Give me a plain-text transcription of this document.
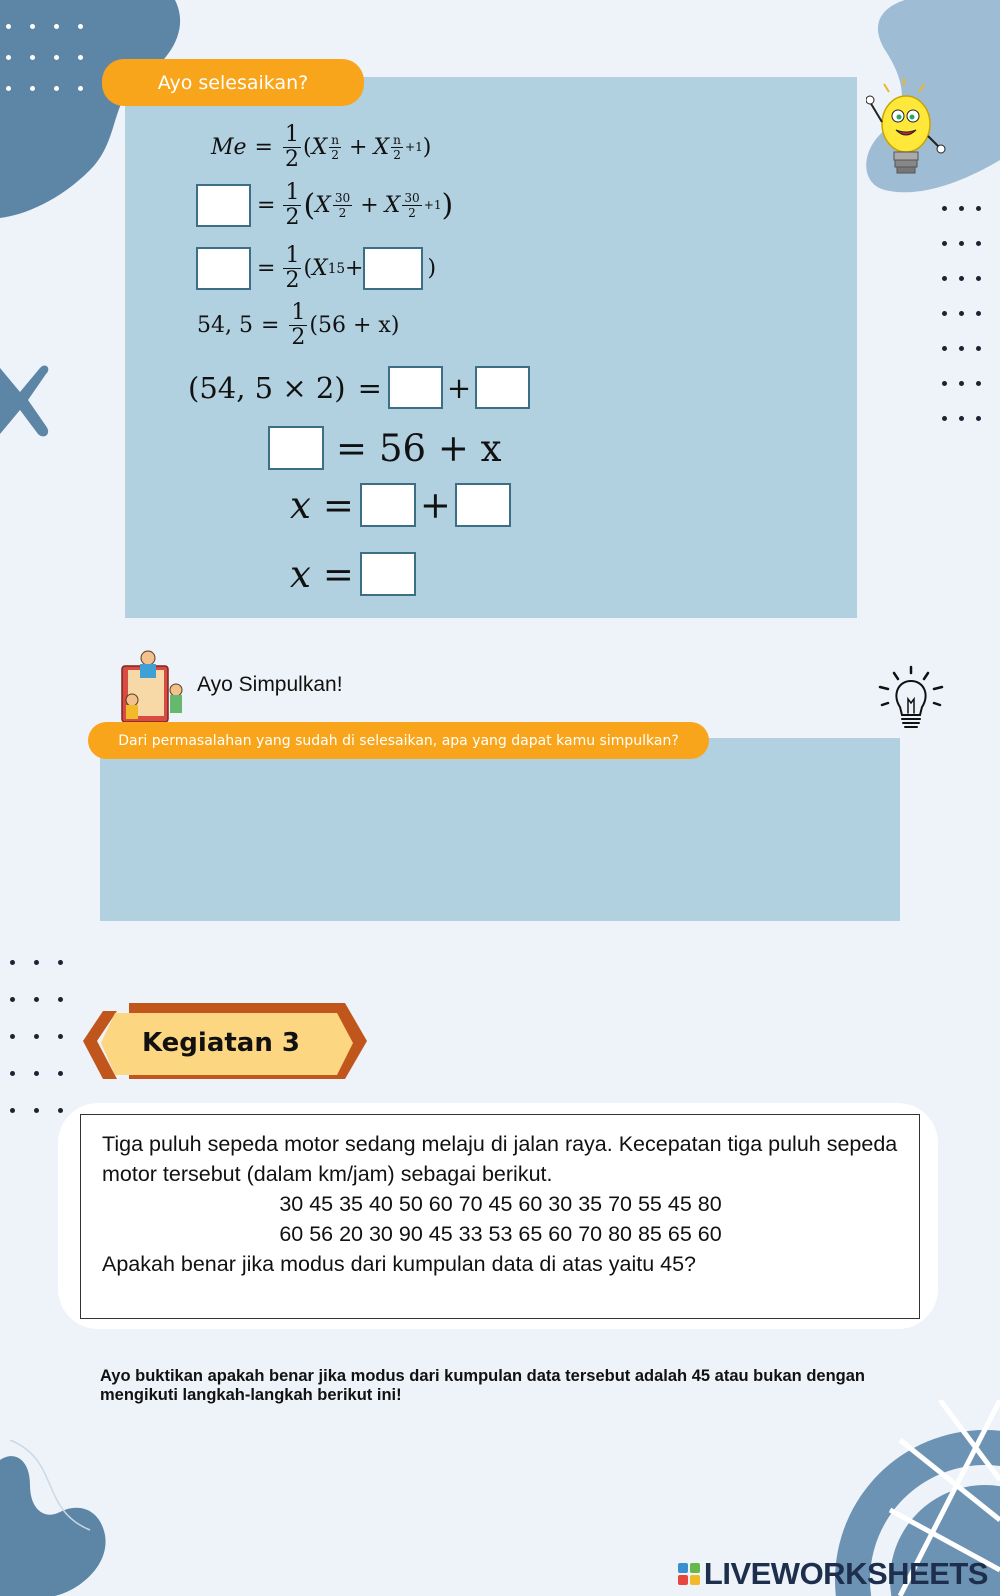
Ayo selesaikan?
$Me = \frac{1}{2}$ ( X $\frac{n}{2} + X \frac{n}{2} +1$ )
= $\frac{1}{2}$ ( X $\frac{30}{2} + X \frac{30}{2} +1$ )
= $\frac{1}{2}$ ( X 15 +	)
54, $5 = \frac{1}{2} (56 + x)$
(54, 5 × 2) = +
= 56 + x
x = +
x =
Ayo Simpulkan!
Dari permasalahan yang sudah di selesaikan, apa yang dapat kamu simpulkan?
Kegiatan 3
Tiga puluh sepeda motor sedang melaju di jalan raya. Kecepatan tiga puluh sepeda motor tersebut (dalam km/jam) sebagai berikut.
30 45 35 40 50 60 70 45 60 30 35 70 55 45 80
60 56 20 30 90 45 33 53 65 60 70 80 85 65 60
Apakah benar jika modus dari kumpulan data di atas yaitu 45?
Ayo buktikan apakah benar jika modus dari kumpulan data tersebut adalah 45 atau bukan dengan mengikuti langkah-langkah berikut ini!
LIVEWORKSHEETS
